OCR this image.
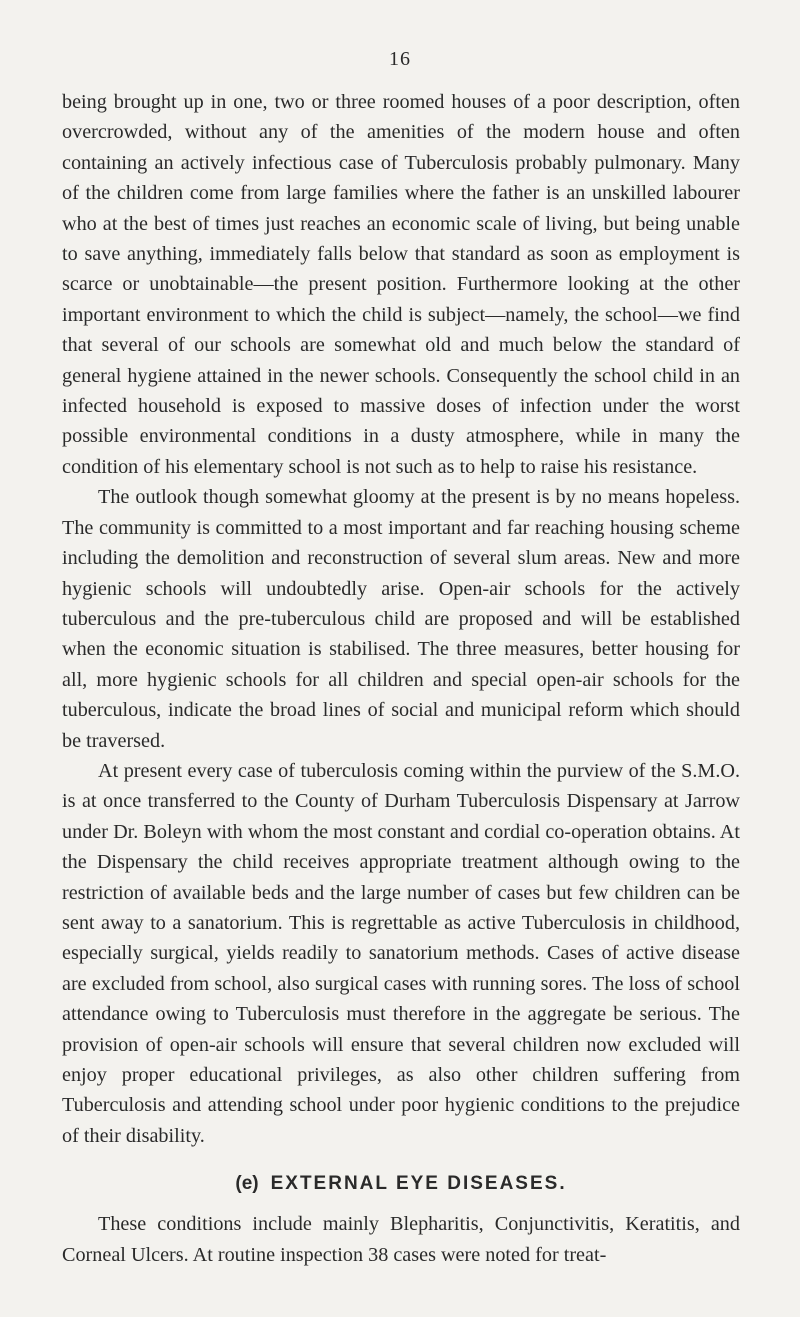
16

being brought up in one, two or three roomed houses of a poor description, often overcrowded, without any of the amenities of the modern house and often containing an actively infectious case of Tuberculosis probably pulmonary. Many of the children come from large families where the father is an unskilled labourer who at the best of times just reaches an economic scale of living, but being unable to save anything, immediately falls below that standard as soon as employment is scarce or unobtainable—the present position. Furthermore looking at the other important environment to which the child is subject—namely, the school—we find that several of our schools are somewhat old and much below the standard of general hygiene attained in the newer schools. Consequently the school child in an infected household is exposed to massive doses of infection under the worst possible environmental conditions in a dusty atmosphere, while in many the condition of his elementary school is not such as to help to raise his resistance.

The outlook though somewhat gloomy at the present is by no means hopeless. The community is committed to a most important and far reaching housing scheme including the demolition and reconstruction of several slum areas. New and more hygienic schools will undoubtedly arise. Open-air schools for the actively tuberculous and the pre-tuberculous child are proposed and will be established when the economic situation is stabilised. The three measures, better housing for all, more hygienic schools for all children and special open-air schools for the tuberculous, indicate the broad lines of social and municipal reform which should be traversed.

At present every case of tuberculosis coming within the purview of the S.M.O. is at once transferred to the County of Durham Tuberculosis Dispensary at Jarrow under Dr. Boleyn with whom the most constant and cordial co-operation obtains. At the Dispensary the child receives appropriate treatment although owing to the restriction of available beds and the large number of cases but few children can be sent away to a sanatorium. This is regrettable as active Tuberculosis in childhood, especially surgical, yields readily to sanatorium methods. Cases of active disease are excluded from school, also surgical cases with running sores. The loss of school attendance owing to Tuberculosis must therefore in the aggregate be serious. The provision of open-air schools will ensure that several children now excluded will enjoy proper educational privileges, as also other children suffering from Tuberculosis and attending school under poor hygienic conditions to the prejudice of their disability.

(e) EXTERNAL EYE DISEASES.

These conditions include mainly Blepharitis, Conjunctivitis, Keratitis, and Corneal Ulcers. At routine inspection 38 cases were noted for treat-
